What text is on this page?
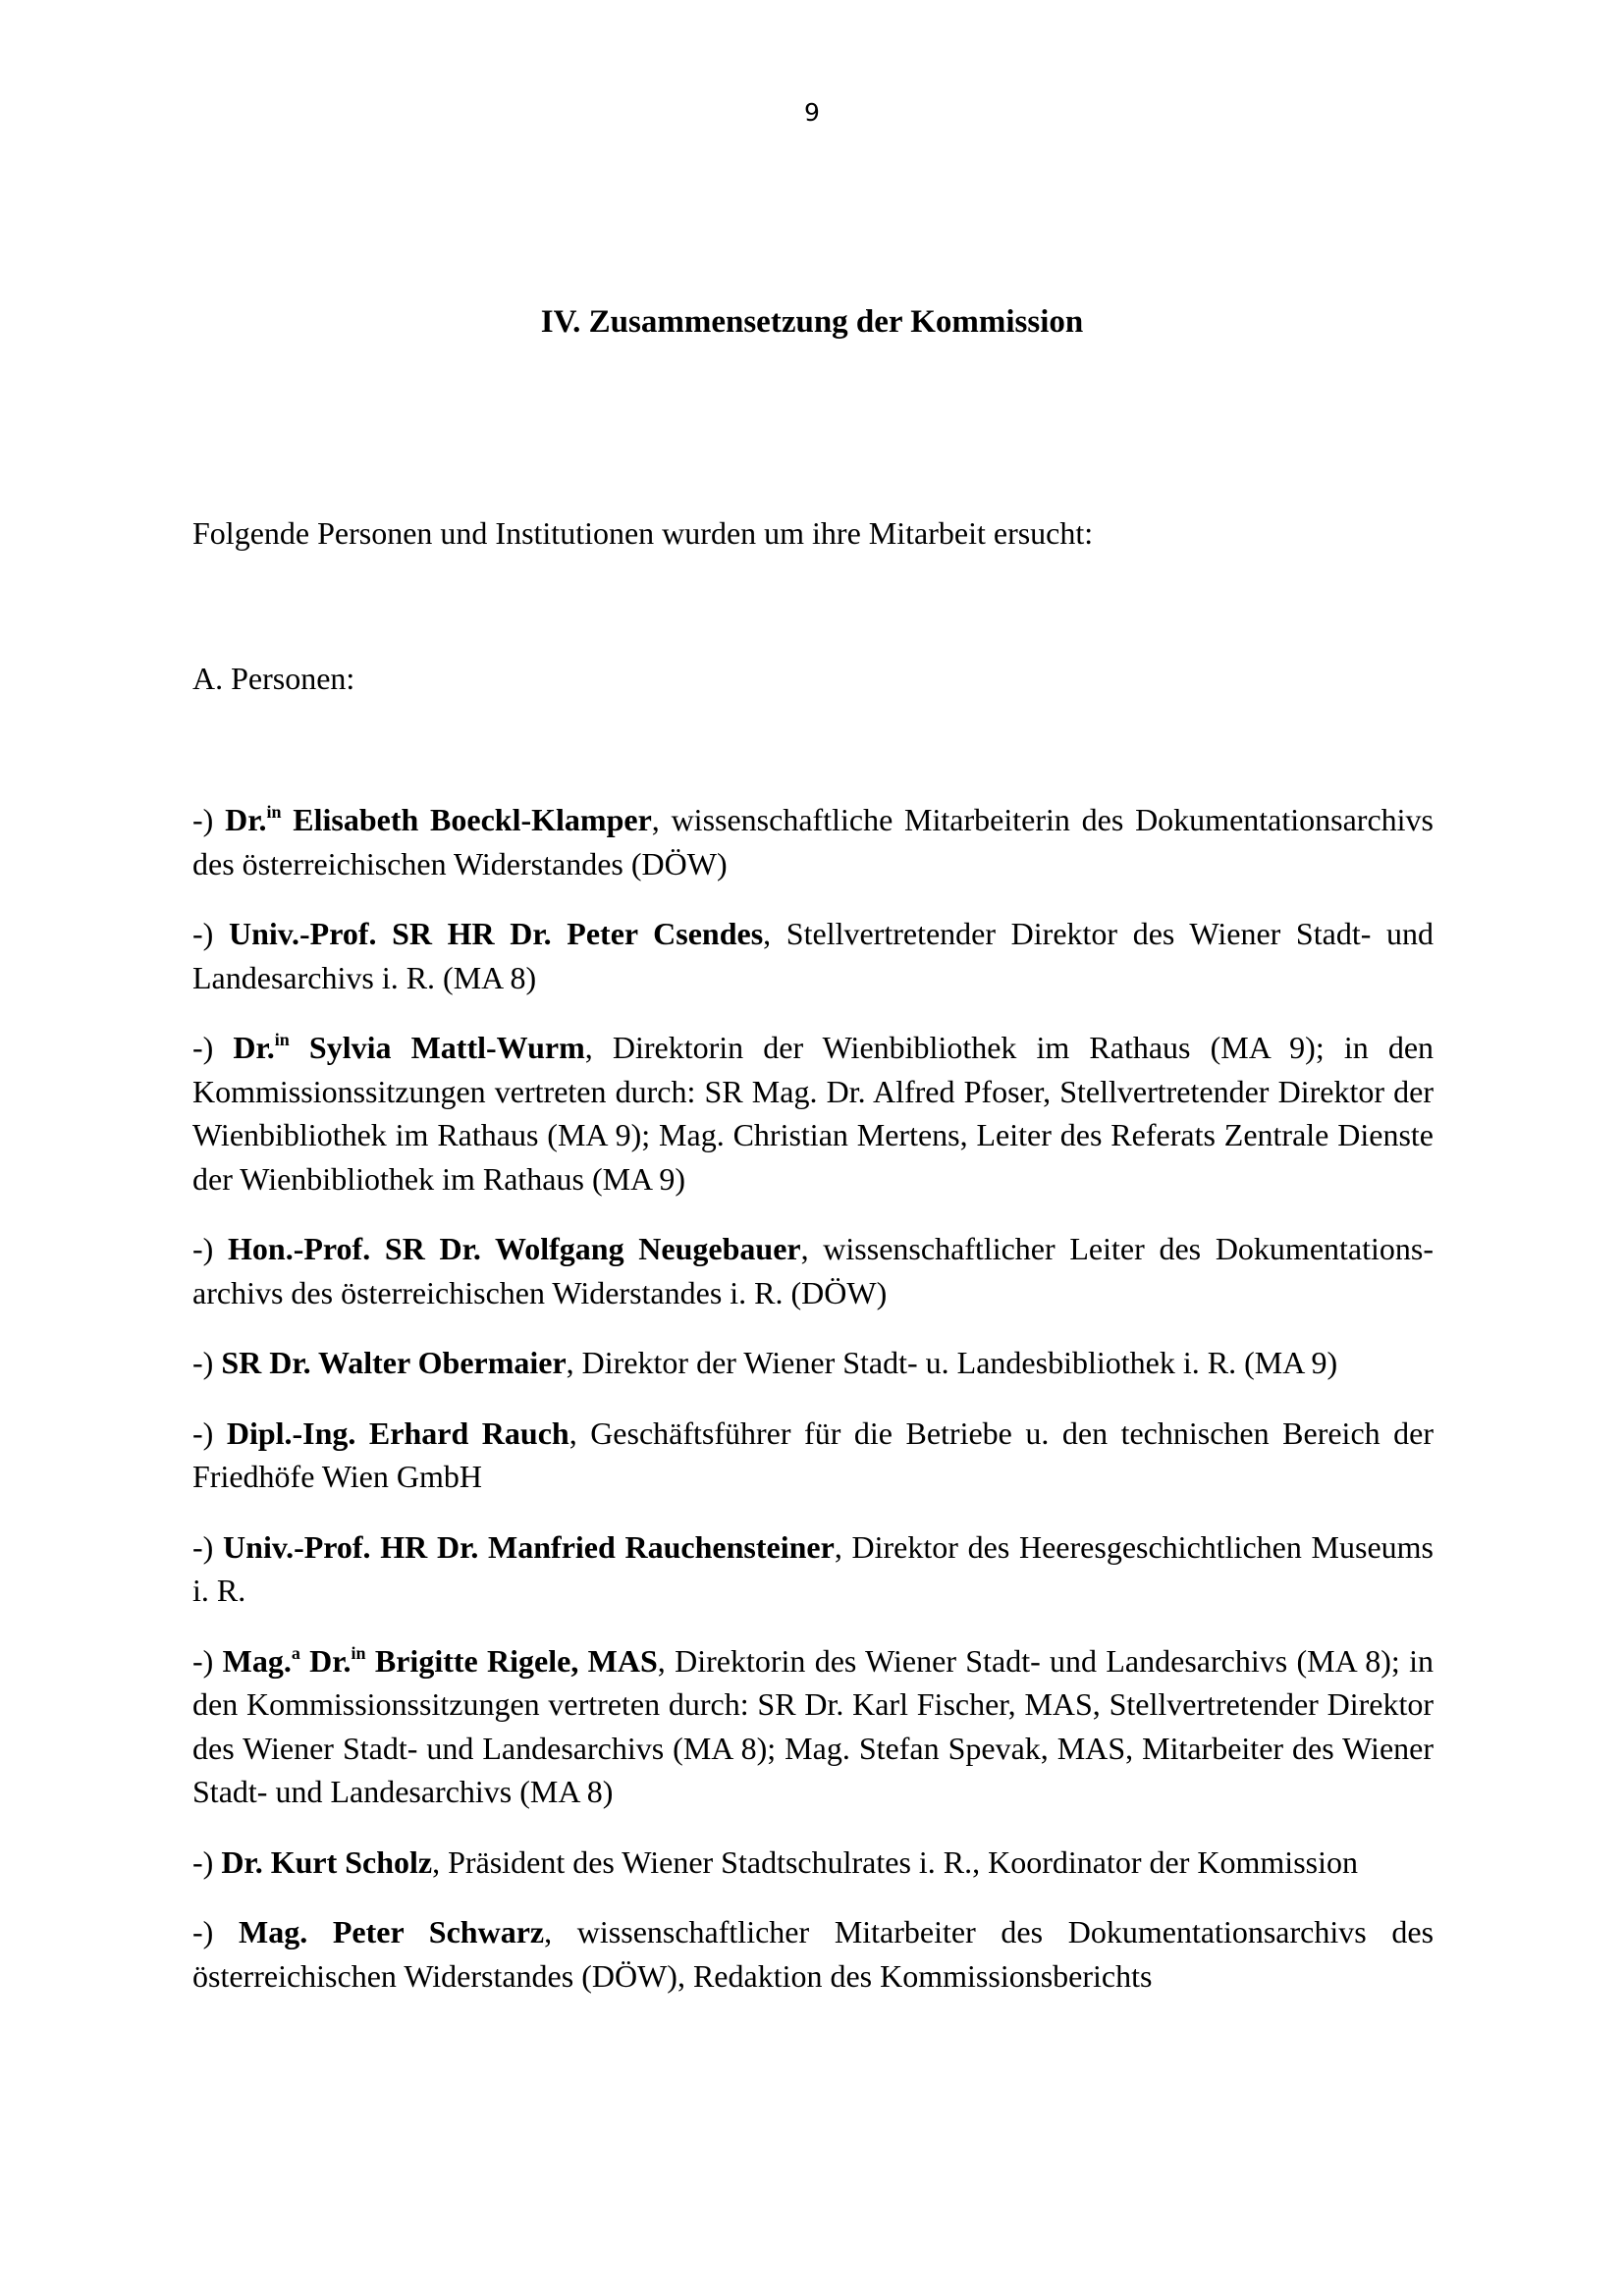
9
IV. Zusammensetzung der Kommission

Folgende Personen und Institutionen wurden um ihre Mitarbeit ersucht:

A. Personen:

-) Dr.$^{in}$ Elisabeth Boeckl-Klamper, wissenschaftliche Mitarbeiterin des Dokumentationsarchivs des österreichischen Widerstandes (DÖW)
-) Univ.-Prof. SR HR Dr. Peter Csendes, Stellvertretender Direktor des Wiener Stadt- und Landesarchivs i. R. (MA 8)
-) Dr.$^{in}$ Sylvia Mattl-Wurm, Direktorin der Wienbibliothek im Rathaus (MA 9); in den Kommissionssitzungen vertreten durch: SR Mag. Dr. Alfred Pfoser, Stellvertretender Direktor der Wienbibliothek im Rathaus (MA 9); Mag. Christian Mertens, Leiter des Referats Zentrale Dienste der Wienbibliothek im Rathaus (MA 9)
-) Hon.-Prof. SR Dr. Wolfgang Neugebauer, wissenschaftlicher Leiter des Dokumentationsarchivs des österreichischen Widerstandes i. R. (DÖW)
-) SR Dr. Walter Obermaier, Direktor der Wiener Stadt- u. Landesbibliothek i. R. (MA 9)
-) Dipl.-Ing. Erhard Rauch, Geschäftsführer für die Betriebe u. den technischen Bereich der Friedhöfe Wien GmbH
-) Univ.-Prof. HR Dr. Manfried Rauchensteiner, Direktor des Heeresgeschichtlichen Museums i. R.
-) Mag.$^a$ Dr.$^{in}$ Brigitte Rigele, MAS, Direktorin des Wiener Stadt- und Landesarchivs (MA 8); in den Kommissionssitzungen vertreten durch: SR Dr. Karl Fischer, MAS, Stellvertretender Direktor des Wiener Stadt- und Landesarchivs (MA 8); Mag. Stefan Spevak, MAS, Mitarbeiter des Wiener Stadt- und Landesarchivs (MA 8)
-) Dr. Kurt Scholz, Präsident des Wiener Stadtschulrates i. R., Koordinator der Kommission
-) Mag. Peter Schwarz, wissenschaftlicher Mitarbeiter des Dokumentationsarchivs des österreichischen Widerstandes (DÖW), Redaktion des Kommissionsberichts
